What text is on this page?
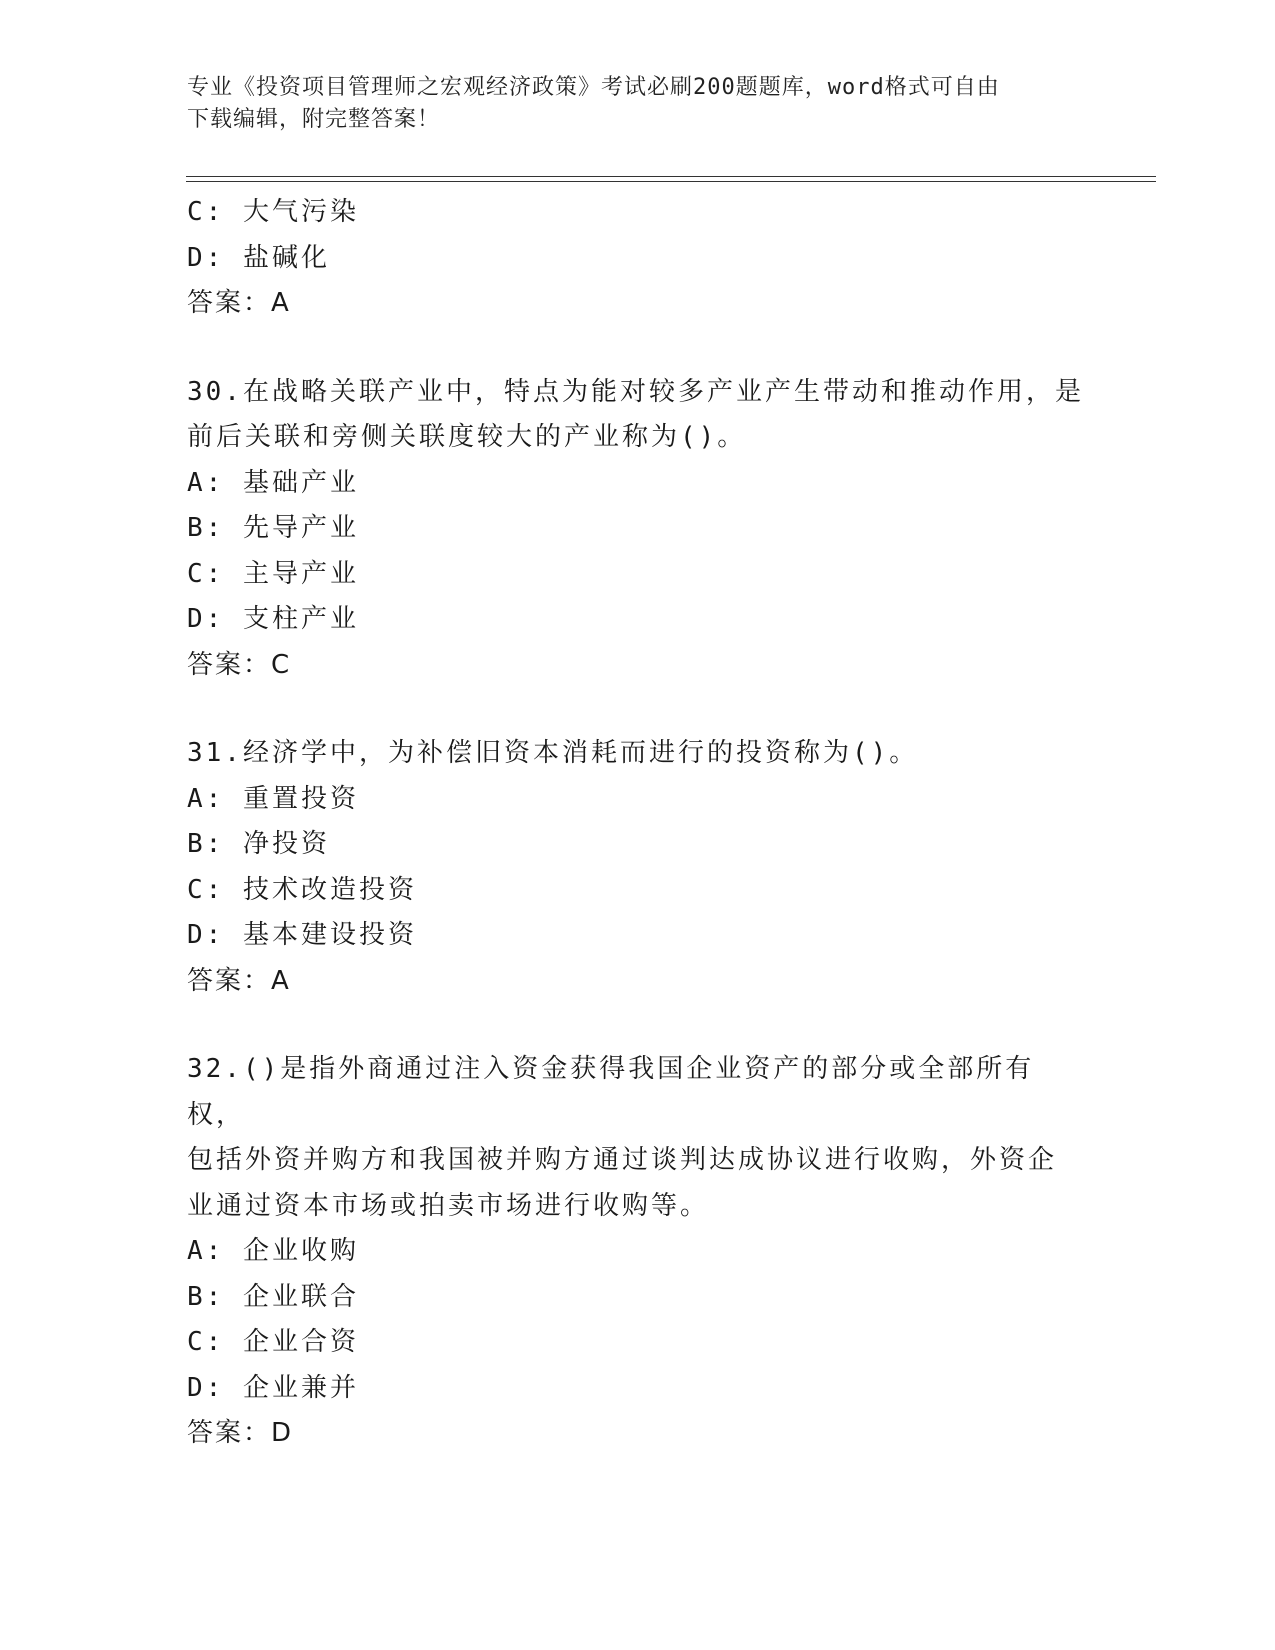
专业《投资项目管理师之宏观经济政策》考试必刷200题题库，word格式可自由
下载编辑，附完整答案！
C: 大气污染
D: 盐碱化
答案：A
30.在战略关联产业中，特点为能对较多产业产生带动和推动作用，是
前后关联和旁侧关联度较大的产业称为()。
A: 基础产业
B: 先导产业
C: 主导产业
D: 支柱产业
答案：C
31.经济学中，为补偿旧资本消耗而进行的投资称为()。
A: 重置投资
B: 净投资
C: 技术改造投资
D: 基本建设投资
答案：A
32.()是指外商通过注入资金获得我国企业资产的部分或全部所有权，
包括外资并购方和我国被并购方通过谈判达成协议进行收购，外资企
业通过资本市场或拍卖市场进行收购等。
A: 企业收购
B: 企业联合
C: 企业合资
D: 企业兼并
答案：D
